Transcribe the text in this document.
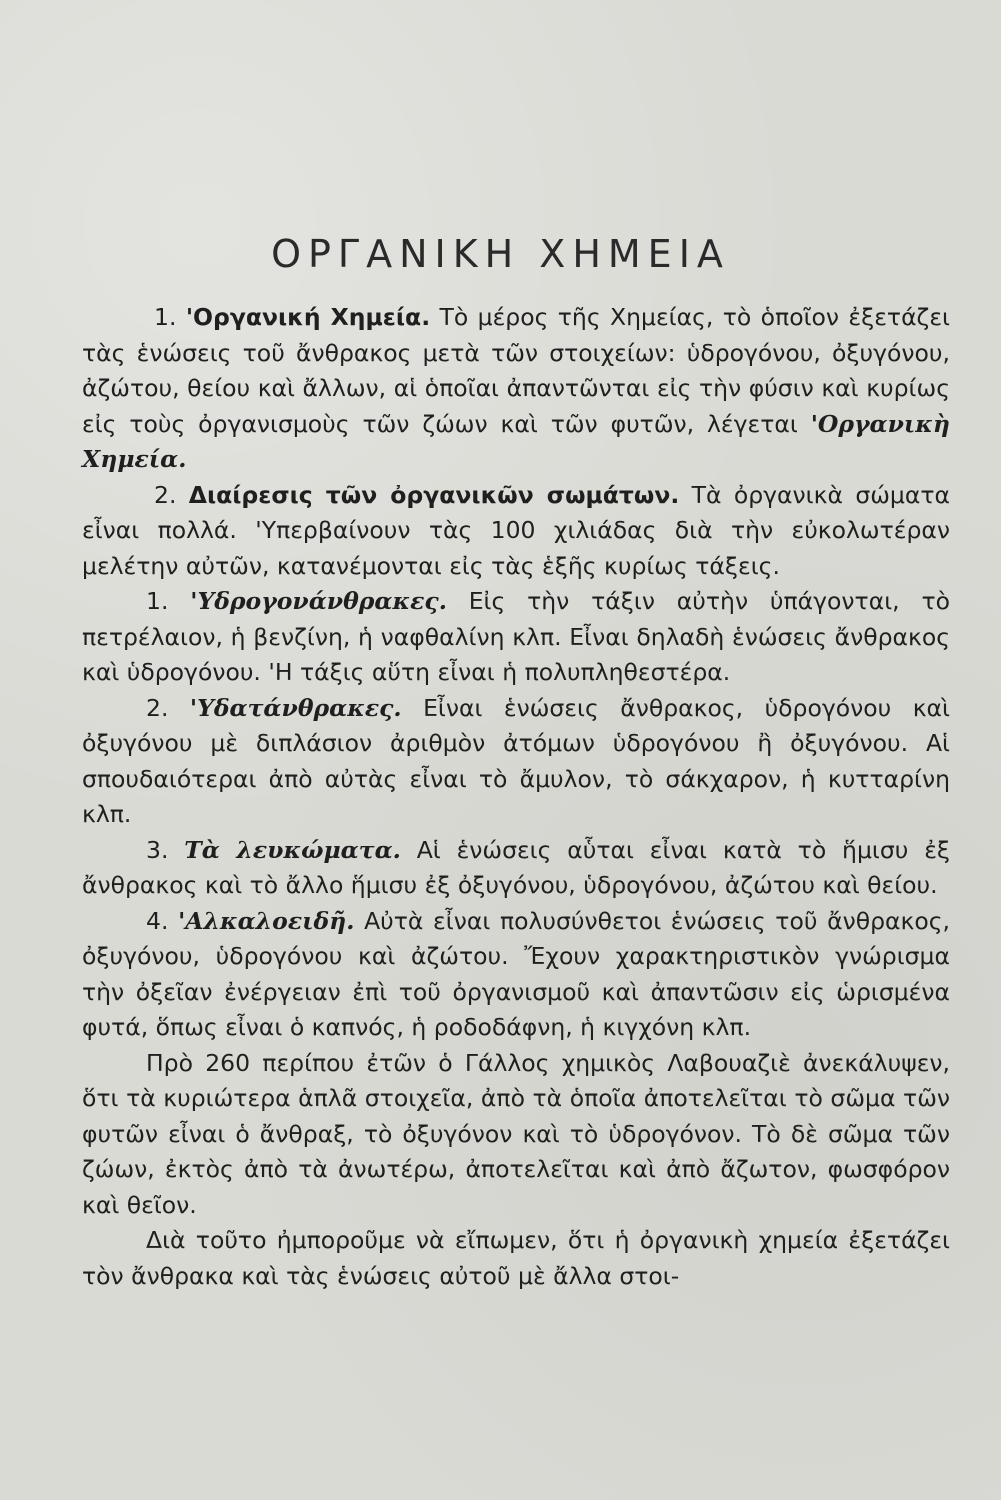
ΟΡΓΑΝΙΚΗ ΧΗΜΕΙΑ

1. 'Οργανική Χημεία. Τὸ μέρος τῆς Χημείας, τὸ ὁποῖον ἐξετάζει τὰς ἑνώσεις τοῦ ἄνθρακος μετὰ τῶν στοιχείων: ὑδρογόνου, ὀξυγόνου, ἀζώτου, θείου καὶ ἄλλων, αἱ ὁποῖαι ἀπαντῶνται εἰς τὴν φύσιν καὶ κυρίως εἰς τοὺς ὀργανισμοὺς τῶν ζώων καὶ τῶν φυτῶν, λέγεται 'Οργανικὴ Χημεία.

2. Διαίρεσις τῶν ὀργανικῶν σωμάτων. Τὰ ὀργανικὰ σώματα εἶναι πολλά. 'Υπερβαίνουν τὰς 100 χιλιάδας διὰ τὴν εὐκολωτέραν μελέτην αὐτῶν, κατανέμονται εἰς τὰς ἑξῆς κυρίως τάξεις.

1. 'Υδρογονάνθρακες. Εἰς τὴν τάξιν αὐτὴν ὑπάγονται, τὸ πετρέλαιον, ἡ βενζίνη, ἡ ναφθαλίνη κλπ. Εἶναι δηλαδὴ ἑνώσεις ἄνθρακος καὶ ὑδρογόνου. 'Η τάξις αὕτη εἶναι ἡ πολυπληθεστέρα.

2. 'Υδατάνθρακες. Εἶναι ἑνώσεις ἄνθρακος, ὑδρογόνου καὶ ὀξυγόνου μὲ διπλάσιον ἀριθμὸν ἀτόμων ὑδρογόνου ἢ ὀξυγόνου. Αἱ σπουδαιότεραι ἀπὸ αὐτὰς εἶναι τὸ ἄμυλον, τὸ σάκχαρον, ἡ κυτταρίνη κλπ.

3. Τὰ λευκώματα. Αἱ ἑνώσεις αὗται εἶναι κατὰ τὸ ἥμισυ ἐξ ἄνθρακος καὶ τὸ ἄλλο ἥμισυ ἐξ ὀξυγόνου, ὑδρογόνου, ἀζώτου καὶ θείου.

4. 'Αλκαλοειδῆ. Αὐτὰ εἶναι πολυσύνθετοι ἑνώσεις τοῦ ἄνθρακος, ὀξυγόνου, ὑδρογόνου καὶ ἀζώτου. Ἔχουν χαρακτηριστικὸν γνώρισμα τὴν ὀξεῖαν ἐνέργειαν ἐπὶ τοῦ ὀργανισμοῦ καὶ ἀπαντῶσιν εἰς ὡρισμένα φυτά, ὅπως εἶναι ὁ καπνός, ἡ ροδοδάφνη, ἡ κιγχόνη κλπ.

Πρὸ 260 περίπου ἐτῶν ὁ Γάλλος χημικὸς Λαβουαζιὲ ἀνεκάλυψεν, ὅτι τὰ κυριώτερα ἁπλᾶ στοιχεῖα, ἀπὸ τὰ ὁποῖα ἀποτελεῖται τὸ σῶμα τῶν φυτῶν εἶναι ὁ ἄνθραξ, τὸ ὀξυγόνον καὶ τὸ ὑδρογόνον. Τὸ δὲ σῶμα τῶν ζώων, ἐκτὸς ἀπὸ τὰ ἀνωτέρω, ἀποτελεῖται καὶ ἀπὸ ἄζωτον, φωσφόρον καὶ θεῖον.

Διὰ τοῦτο ἠμποροῦμε νὰ εἴπωμεν, ὅτι ἡ ὀργανικὴ χημεία ἐξετάζει τὸν ἄνθρακα καὶ τὰς ἑνώσεις αὐτοῦ μὲ ἄλλα στοι-
